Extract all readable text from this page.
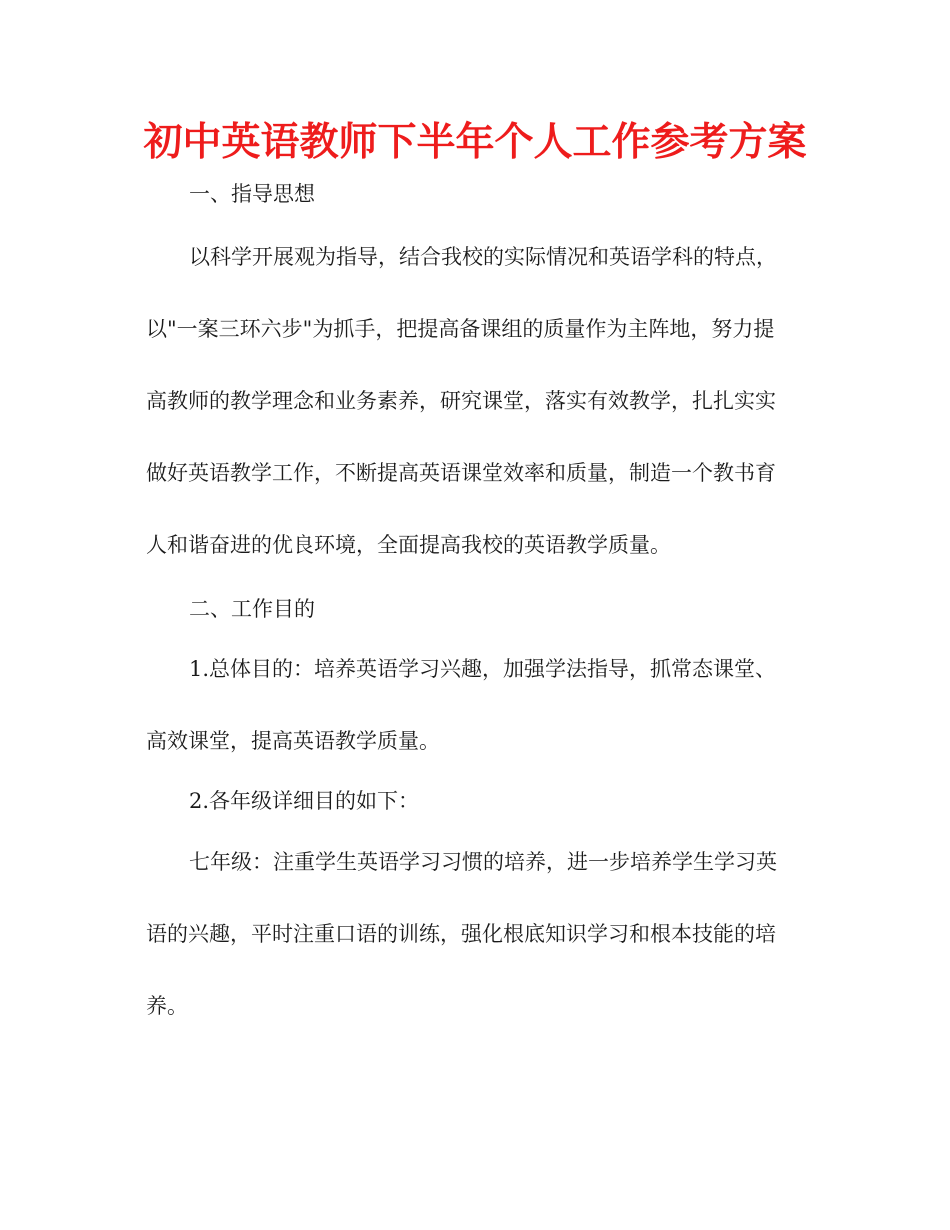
初中英语教师下半年个人工作参考方案

一、指导思想

以科学开展观为指导，结合我校的实际情况和英语学科的特点，

以"一案三环六步"为抓手，把提高备课组的质量作为主阵地，努力提

高教师的教学理念和业务素养，研究课堂，落实有效教学，扎扎实实

做好英语教学工作，不断提高英语课堂效率和质量，制造一个教书育

人和谐奋进的优良环境，全面提高我校的英语教学质量。

二、工作目的

1.总体目的：培养英语学习兴趣，加强学法指导，抓常态课堂、

高效课堂，提高英语教学质量。

2.各年级详细目的如下：

七年级：注重学生英语学习习惯的培养，进一步培养学生学习英

语的兴趣，平时注重口语的训练，强化根底知识学习和根本技能的培

养。
